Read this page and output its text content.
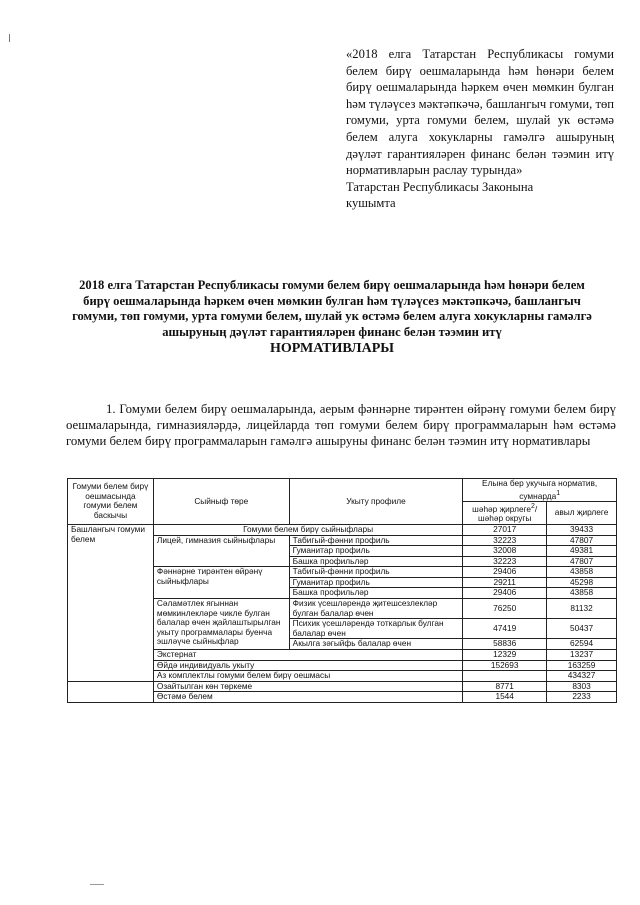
«2018 елга Татарстан Республикасы гомуми белем бирү оешмаларында һәм һөнәри белем бирү оешмаларында һәркем өчен мөмкин булган һәм түләүсез мәктәпкәчә, башлангыч гомуми, төп гомуми, урта гомуми белем, шулай ук өстәмә белем алуга хокукларны гамәлгә ашыруның дәүләт гарантияләрен финанс белән тәэмин итү нормативларын раслау турында»
Татарстан Республикасы Законына
кушымта
2018 елга Татарстан Республикасы гомуми белем бирү оешмаларында һәм һөнәри белем бирү оешмаларында һәркем өчен мөмкин булган һәм түләүсез мәктәпкәчә, башлангыч гомуми, төп гомуми, урта гомуми белем, шулай ук өстәмә белем алуга хокукларны гамәлгә ашыруның дәүләт гарантияләрен финанс белән тәэмин итү
НОРМАТИВЛАРЫ
1. Гомуми белем бирү оешмаларында, аерым фәннәрне тирәнтен өйрәнү гомуми белем бирү оешмаларында, гимназияләрдә, лицейларда төп гомуми белем бирү программаларын һәм өстәмә гомуми белем бирү программаларын гамәлгә ашыруны финанс белән тәэмин итү нормативлары
Гомуми белем бирү оешмасында гомуми белем баскычы	Сыйныф төре	Укыту профиле	Елына бер укучыга норматив, сумнарда$^1$
			шәһәр җирлеге$^2$/ шәһәр округы	авыл җирлеге
Башлангыч гомуми белем	Гомуми белем бирү сыйныфлары		27017	39433
	Лицей, гимназия сыйныфлары	Табигый-фәнни профиль	32223	47807
		Гуманитар профиль	32008	49381
		Башка профильләр	32223	47807
	Фәннәрне тирәнтен өйрәнү сыйныфлары	Табигый-фәнни профиль	29406	43858
		Гуманитар профиль	29211	45298
		Башка профильләр	29406	43858
	Сәламәтлек ягыннан мөмкинлекләре чикле булган балалар өчен җайлаштырылган укыту программалары буенча эшләүче сыйныфлар	Физик үсешләрендә җитешсезлекләр булган балалар өчен	76250	81132
		Психик үсешләрендә тоткарлык булган балалар өчен	47419	50437
		Акылга зәгыйфь балалар өчен	58836	62594
	Экстернат		12329	13237
	Өйдә индивидуаль укыту		152693	163259
	Аз комплектлы гомуми белем бирү оешмасы			434327
	Озайтылган көн төркеме		8771	8303
	Өстәмә белем		1544	2233
